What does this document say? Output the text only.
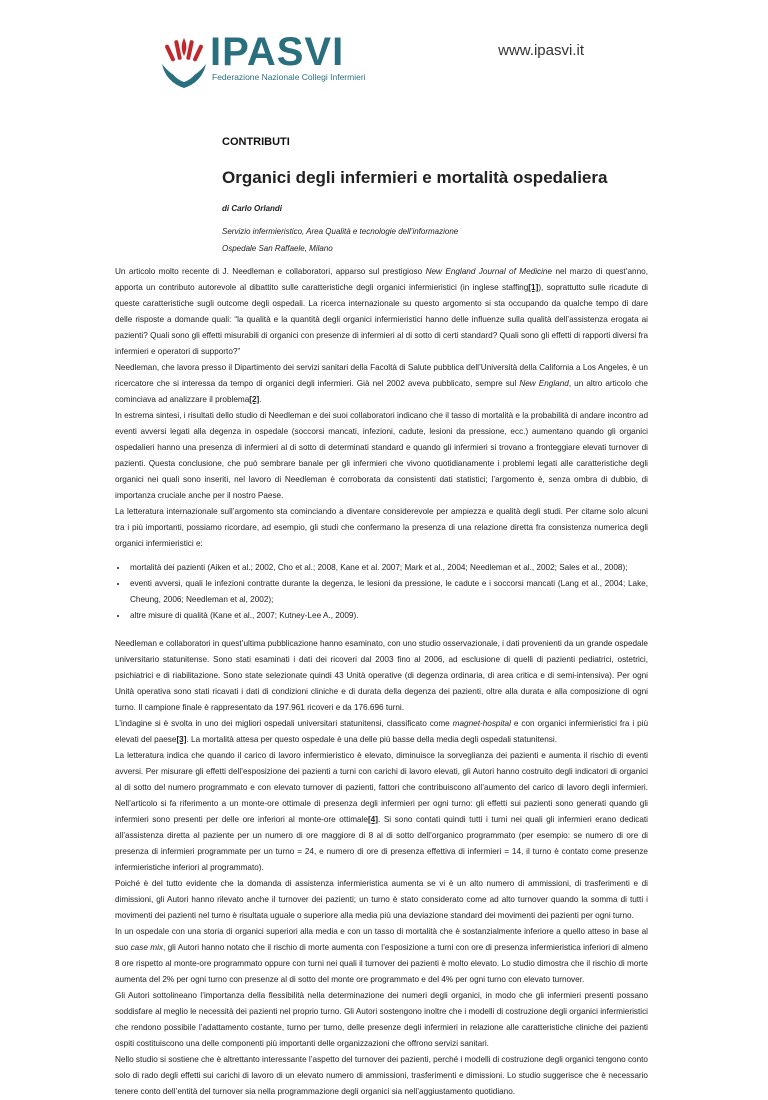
IPASVI
Federazione Nazionale Collegi Infermieri
www.ipasvi.it
CONTRIBUTI
Organici degli infermieri e mortalità ospedaliera
di Carlo Orlandi
Servizio infermieristico, Area Qualità e tecnologie dell’informazione
Ospedale San Raffaele, Milano

Un articolo molto recente di J. Needleman e collaboratori, apparso sul prestigioso New England Journal of Medicine nel marzo di quest’anno, apporta un contributo autorevole al dibattito sulle caratteristiche degli organici infermieristici (in inglese staffing[1]), soprattutto sulle ricadute di queste caratteristiche sugli outcome degli ospedali. La ricerca internazionale su questo argomento si sta occupando da qualche tempo di dare delle risposte a domande quali: “la qualità e la quantità degli organici infermieristici hanno delle influenze sulla qualità dell’assistenza erogata ai pazienti? Quali sono gli effetti misurabili di organici con presenze di infermieri al di sotto di certi standard? Quali sono gli effetti di rapporti diversi fra infermieri e operatori di supporto?”

Needleman, che lavora presso il Dipartimento dei servizi sanitari della Facoltà di Salute pubblica dell’Università della California a Los Angeles, è un ricercatore che si interessa da tempo di organici degli infermieri. Già nel 2002 aveva pubblicato, sempre sul New England, un altro articolo che cominciava ad analizzare il problema[2].

In estrema sintesi, i risultati dello studio di Needleman e dei suoi collaboratori indicano che il tasso di mortalità e la probabilità di andare incontro ad eventi avversi legati alla degenza in ospedale (soccorsi mancati, infezioni, cadute, lesioni da pressione, ecc.) aumentano quando gli organici ospedalieri hanno una presenza di infermieri al di sotto di determinati standard e quando gli infermieri si trovano a fronteggiare elevati turnover di pazienti. Questa conclusione, che può sembrare banale per gli infermieri che vivono quotidianamente i problemi legati alle caratteristiche degli organici nei quali sono inseriti, nel lavoro di Needleman è corroborata da consistenti dati statistici; l’argomento è, senza ombra di dubbio, di importanza cruciale anche per il nostro Paese.

La letteratura internazionale sull’argomento sta cominciando a diventare considerevole per ampiezza e qualità degli studi. Per citarne solo alcuni tra i più importanti, possiamo ricordare, ad esempio, gli studi che confermano la presenza di una relazione diretta fra consistenza numerica degli organici infermieristici e:

• mortalità dei pazienti (Aiken et al.; 2002, Cho et al.; 2008, Kane et al. 2007; Mark et al., 2004; Needleman et al., 2002; Sales et al., 2008);
• eventi avversi, quali le infezioni contratte durante la degenza, le lesioni da pressione, le cadute e i soccorsi mancati (Lang et al., 2004; Lake, Cheung, 2006; Needleman et al, 2002);
• altre misure di qualità (Kane et al., 2007; Kutney-Lee A., 2009).

Needleman e collaboratori in quest’ultima pubblicazione hanno esaminato, con uno studio osservazionale, i dati provenienti da un grande ospedale universitario statunitense. Sono stati esaminati i dati dei ricoveri dal 2003 fino al 2006, ad esclusione di quelli di pazienti pediatrici, ostetrici, psichiatrici e di riabilitazione. Sono state selezionate quindi 43 Unità operative (di degenza ordinaria, di area critica e di semi-intensiva). Per ogni Unità operativa sono stati ricavati i dati di condizioni cliniche e di durata della degenza dei pazienti, oltre alla durata e alla composizione di ogni turno. Il campione finale è rappresentato da 197.961 ricoveri e da 176.696 turni.

L’indagine si è svolta in uno dei migliori ospedali universitari statunitensi, classificato come magnet-hospital e con organici infermieristici fra i più elevati del paese[3]. La mortalità attesa per questo ospedale è una delle più basse della media degli ospedali statunitensi.

La letteratura indica che quando il carico di lavoro infermieristico è elevato, diminuisce la sorveglianza dei pazienti e aumenta il rischio di eventi avversi. Per misurare gli effetti dell’esposizione dei pazienti a turni con carichi di lavoro elevati, gli Autori hanno costruito degli indicatori di organici al di sotto del numero programmato e con elevato turnover di pazienti, fattori che contribuiscono all’aumento del carico di lavoro degli infermieri. Nell’articolo si fa riferimento a un monte-ore ottimale di presenza degli infermieri per ogni turno: gli effetti sui pazienti sono generati quando gli infermieri sono presenti per delle ore inferiori al monte-ore ottimale[4]. Si sono contati quindi tutti i turni nei quali gli infermieri erano dedicati all’assistenza diretta al paziente per un numero di ore maggiore di 8 al di sotto dell’organico programmato (per esempio: se numero di ore di presenza di infermieri programmate per un turno = 24, e numero di ore di presenza effettiva di infermieri = 14, il turno è contato come presenze infermieristiche inferiori al programmato).

Poiché è del tutto evidente che la domanda di assistenza infermieristica aumenta se vi è un alto numero di ammissioni, di trasferimenti e di dimissioni, gli Autori hanno rilevato anche il turnover dei pazienti; un turno è stato considerato come ad alto turnover quando la somma di tutti i movimenti dei pazienti nel turno è risultata uguale o superiore alla media più una deviazione standard dei movimenti dei pazienti per ogni turno.

In un ospedale con una storia di organici superiori alla media e con un tasso di mortalità che è sostanzialmente inferiore a quello atteso in base al suo case mix, gli Autori hanno notato che il rischio di morte aumenta con l’esposizione a turni con ore di presenza infermieristica inferiori di almeno 8 ore rispetto al monte-ore programmato oppure con turni nei quali il turnover dei pazienti è molto elevato. Lo studio dimostra che il rischio di morte aumenta del 2% per ogni turno con presenze al di sotto del monte ore programmato e del 4% per ogni turno con elevato turnover.

Gli Autori sottolineano l’importanza della flessibilità nella determinazione dei numeri degli organici, in modo che gli infermieri presenti possano soddisfare al meglio le necessità dei pazienti nel proprio turno. Gli Autori sostengono inoltre che i modelli di costruzione degli organici infermieristici che rendono possibile l’adattamento costante, turno per turno, delle presenze degli infermieri in relazione alle caratteristiche cliniche dei pazienti ospiti costituiscono una delle componenti più importanti delle organizzazioni che offrono servizi sanitari.

Nello studio si sostiene che è altrettanto interessante l’aspetto del turnover dei pazienti, perché i modelli di costruzione degli organici tengono conto solo di rado degli effetti sui carichi di lavoro di un elevato numero di ammissioni, trasferimenti e dimissioni. Lo studio suggerisce che è necessario tenere conto dell’entità del turnover sia nella programmazione degli organici sia nell’aggiustamento quotidiano.
